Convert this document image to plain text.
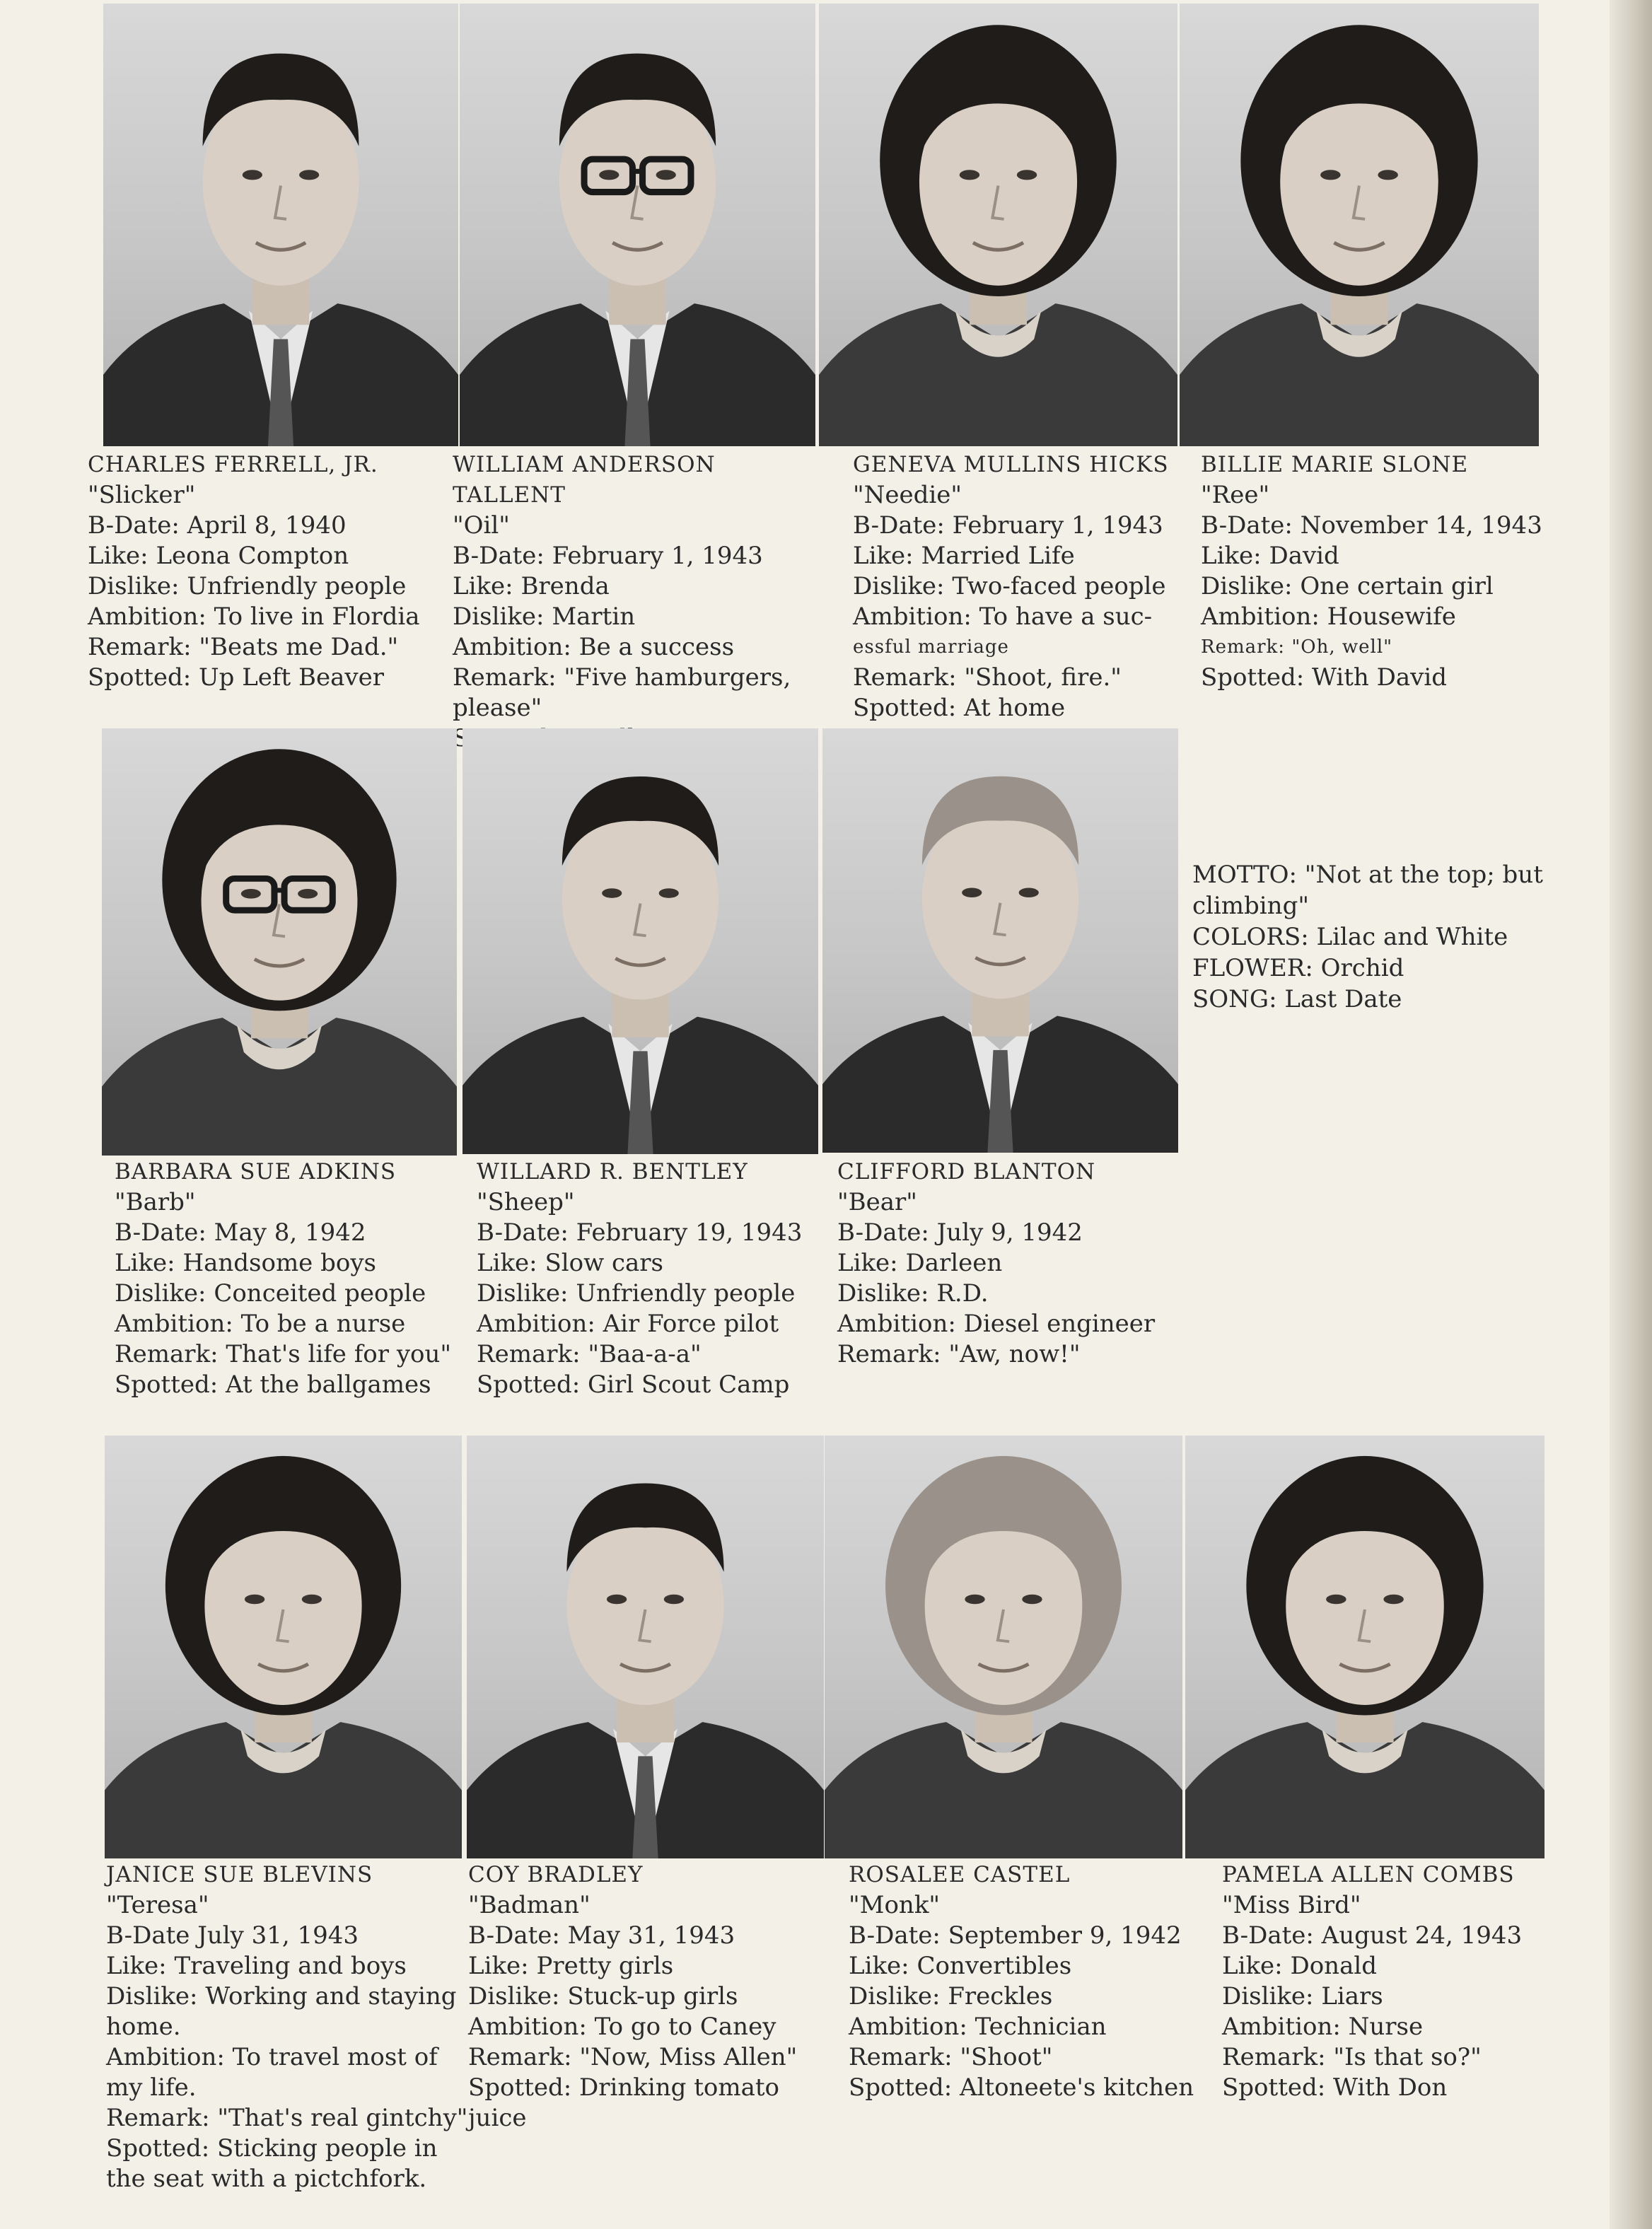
CHARLES FERRELL, JR.
"Slicker"
B-Date: April 8, 1940
Like: Leona Compton
Dislike: Unfriendly people
Ambition: To live in Flordia
Remark: "Beats me Dad."
Spotted: Up Left Beaver
WILLIAM ANDERSON TALLENT
"Oil"
B-Date: February 1, 1943
Like: Brenda
Dislike: Martin
Ambition: Be a success
Remark: "Five hamburgers,
please"
GENEVA MULLINS HICKS
"Needie"
B-Date: February 1, 1943
Like: Married Life
Dislike: Two-faced people
Ambition: To have a suc-
essful marriage
Remark: "Shoot, fire."
Spotted: At home
BILLIE MARIE SLONE
"Ree"
B-Date: November 14, 1943
Like: David
Dislike: One certain girl
Ambition: Housewife
Remark: "Oh, well"
Spotted: With David
BARBARA SUE ADKINS
"Barb"
B-Date: May 8, 1942
Like: Handsome boys
Dislike: Conceited people
Ambition: To be a nurse
Remark: That's life for you"
Spotted: At the ballgames
WILLARD R. BENTLEY
"Sheep"
B-Date: February 19, 1943
Like: Slow cars
Dislike: Unfriendly people
Ambition: Air Force pilot
Remark: "Baa-a-a"
Spotted: Girl Scout Camp
CLIFFORD BLANTON
"Bear"
B-Date: July 9, 1942
Like: Darleen
Dislike: R.D.
Ambition: Diesel engineer
Remark: "Aw, now!"
MOTTO: "Not at the top; but climbing"
COLORS: Lilac and White
FLOWER: Orchid
SONG: Last Date
JANICE SUE BLEVINS
"Teresa"
B-Date July 31, 1943
Like: Traveling and boys
Dislike: Working and staying
home.
Ambition: To travel most of
my life.
Remark: "That's real gintchy"
Spotted: Sticking people in
the seat with a pictchfork.
COY BRADLEY
"Badman"
B-Date: May 31, 1943
Like: Pretty girls
Dislike: Stuck-up girls
Ambition: To go to Caney
Remark: "Now, Miss Allen"
Spotted: Drinking tomato juice
ROSALEE CASTEL
"Monk"
B-Date: September 9, 1942
Like: Convertibles
Dislike: Freckles
Ambition: Technician
Remark: "Shoot"
Spotted: Altoneete's kitchen
PAMELA ALLEN COMBS
"Miss Bird"
B-Date: August 24, 1943
Like: Donald
Dislike: Liars
Ambition: Nurse
Remark: "Is that so?"
Spotted: With Don
